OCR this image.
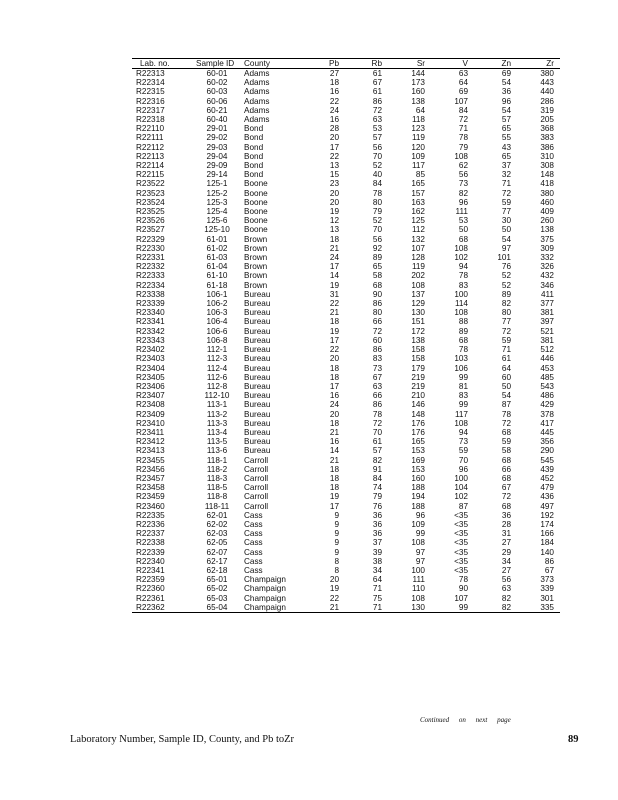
Lab. no.	Sample ID	County	Pb	Rb	Sr	V	Zn	Zr
R22313	60-01	Adams	27	61	144	63	69	380
R22314	60-02	Adams	18	67	173	64	54	443
R22315	60-03	Adams	16	61	160	69	36	440
R22316	60-06	Adams	22	86	138	107	96	286
R22317	60-21	Adams	24	72	64	84	54	319
R22318	60-40	Adams	16	63	118	72	57	205
R22110	29-01	Bond	28	53	123	71	65	368
R22111	29-02	Bond	20	57	119	78	55	383
R22112	29-03	Bond	17	56	120	79	43	386
R22113	29-04	Bond	22	70	109	108	65	310
R22114	29-09	Bond	13	52	117	62	37	308
R22115	29-14	Bond	15	40	85	56	32	148
R23522	125-1	Boone	23	84	165	73	71	418
R23523	125-2	Boone	20	78	157	82	72	380
R23524	125-3	Boone	20	80	163	96	59	460
R23525	125-4	Boone	19	79	162	111	77	409
R23526	125-6	Boone	12	52	125	53	30	260
R23527	125-10	Boone	13	70	112	50	50	138
R22329	61-01	Brown	18	56	132	68	54	375
R22330	61-02	Brown	21	92	107	108	97	309
R22331	61-03	Brown	24	89	128	102	101	332
R22332	61-04	Brown	17	65	119	94	76	326
R22333	61-10	Brown	14	58	202	78	52	432
R22334	61-18	Brown	19	68	108	83	52	346
R23338	106-1	Bureau	31	90	137	100	89	411
R23339	106-2	Bureau	22	86	129	114	82	377
R23340	106-3	Bureau	21	80	130	108	80	381
R23341	106-4	Bureau	18	66	151	88	77	397
R23342	106-6	Bureau	19	72	172	89	72	521
R23343	106-8	Bureau	17	60	138	68	59	381
R23402	112-1	Bureau	22	86	158	78	71	512
R23403	112-3	Bureau	20	83	158	103	61	446
R23404	112-4	Bureau	18	73	179	106	64	453
R23405	112-6	Bureau	18	67	219	99	60	485
R23406	112-8	Bureau	17	63	219	81	50	543
R23407	112-10	Bureau	16	66	210	83	54	486
R23408	113-1	Bureau	24	86	146	99	87	429
R23409	113-2	Bureau	20	78	148	117	78	378
R23410	113-3	Bureau	18	72	176	108	72	417
R23411	113-4	Bureau	21	70	176	94	68	445
R23412	113-5	Bureau	16	61	165	73	59	356
R23413	113-6	Bureau	14	57	153	59	58	290
R23455	118-1	Carroll	21	82	169	70	68	545
R23456	118-2	Carroll	18	91	153	96	66	439
R23457	118-3	Carroll	18	84	160	100	68	452
R23458	118-5	Carroll	18	74	188	104	67	479
R23459	118-8	Carroll	19	79	194	102	72	436
R23460	118-11	Carroll	17	76	188	87	68	497
R22335	62-01	Cass	9	36	96	<35	36	192
R22336	62-02	Cass	9	36	109	<35	28	174
R22337	62-03	Cass	9	36	99	<35	31	166
R22338	62-05	Cass	9	37	108	<35	27	184
R22339	62-07	Cass	9	39	97	<35	29	140
R22340	62-17	Cass	8	38	97	<35	34	86
R22341	62-18	Cass	8	34	100	<35	27	67
R22359	65-01	Champaign	20	64	111	78	56	373
R22360	65-02	Champaign	19	71	110	90	63	339
R22361	65-03	Champaign	22	75	108	107	82	301
R22362	65-04	Champaign	21	71	130	99	82	335
Continued on next page
Laboratory Number, Sample ID, County, and Pb toZr	89
